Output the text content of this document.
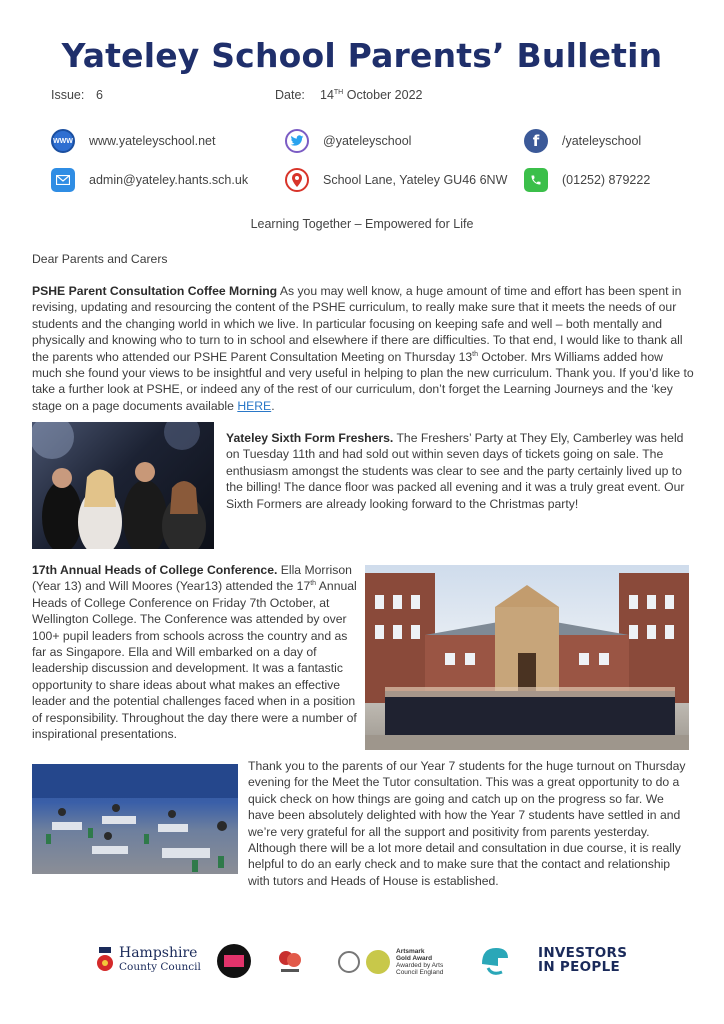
Yateley School Parents’ Bulletin
Issue: 6	Date: 14TH October 2022
WWW www.yateleyschool.net	@yateleyschool	f	/yateleyschool
admin@yateley.hants.sch.uk	School Lane, Yateley GU46 6NW	(01252) 879222
Learning Together – Empowered for Life
Dear Parents and Carers
PSHE Parent Consultation Coffee Morning As you may well know, a huge amount of time and effort has been spent in revising, updating and resourcing the content of the PSHE curriculum, to really make sure that it meets the needs of our students and the changing world in which we live. In particular focusing on keeping safe and well – both mentally and physically and knowing who to turn to in school and elsewhere if there are difficulties. To that end, I would like to thank all the parents who attended our PSHE Parent Consultation Meeting on Thursday 13th October. Mrs Williams added how much she found your views to be insightful and very useful in helping to plan the new curriculum. Thank you. If you’d like to take a further look at PSHE, or indeed any of the rest of our curriculum, don’t forget the Learning Journeys and the ‘key stage on a page documents available HERE.
Yateley Sixth Form Freshers. The Freshers’ Party at They Ely, Camberley was held on Tuesday 11th and had sold out within seven days of tickets going on sale. The enthusiasm amongst the students was clear to see and the party certainly lived up to the billing! The dance floor was packed all evening and it was a truly great event. Our Sixth Formers are already looking forward to the Christmas party!
17th Annual Heads of College Conference. Ella Morrison (Year 13) and Will Moores (Year13) attended the 17th Annual Heads of College Conference on Friday 7th October, at Wellington College. The Conference was attended by over 100+ pupil leaders from schools across the country and as far as Singapore. Ella and Will embarked on a day of leadership discussion and development. It was a fantastic opportunity to share ideas about what makes an effective leader and the potential challenges faced when in a position of responsibility. Throughout the day there were a number of inspirational presentations.
Thank you to the parents of our Year 7 students for the huge turnout on Thursday evening for the Meet the Tutor consultation. This was a great opportunity to do a quick check on how things are going and catch up on the progress so far. We have been absolutely delighted with how the Year 7 students have settled in and we’re very grateful for all the support and positivity from parents yesterday. Although there will be a lot more detail and consultation in due course, it is really helpful to do an early check and to make sure that the contact and relationship with tutors and Heads of House is established.
Hampshire
County Council
Artsmark
Gold Award
Awarded by Arts
Council England
INVESTORS
IN PEOPLE
